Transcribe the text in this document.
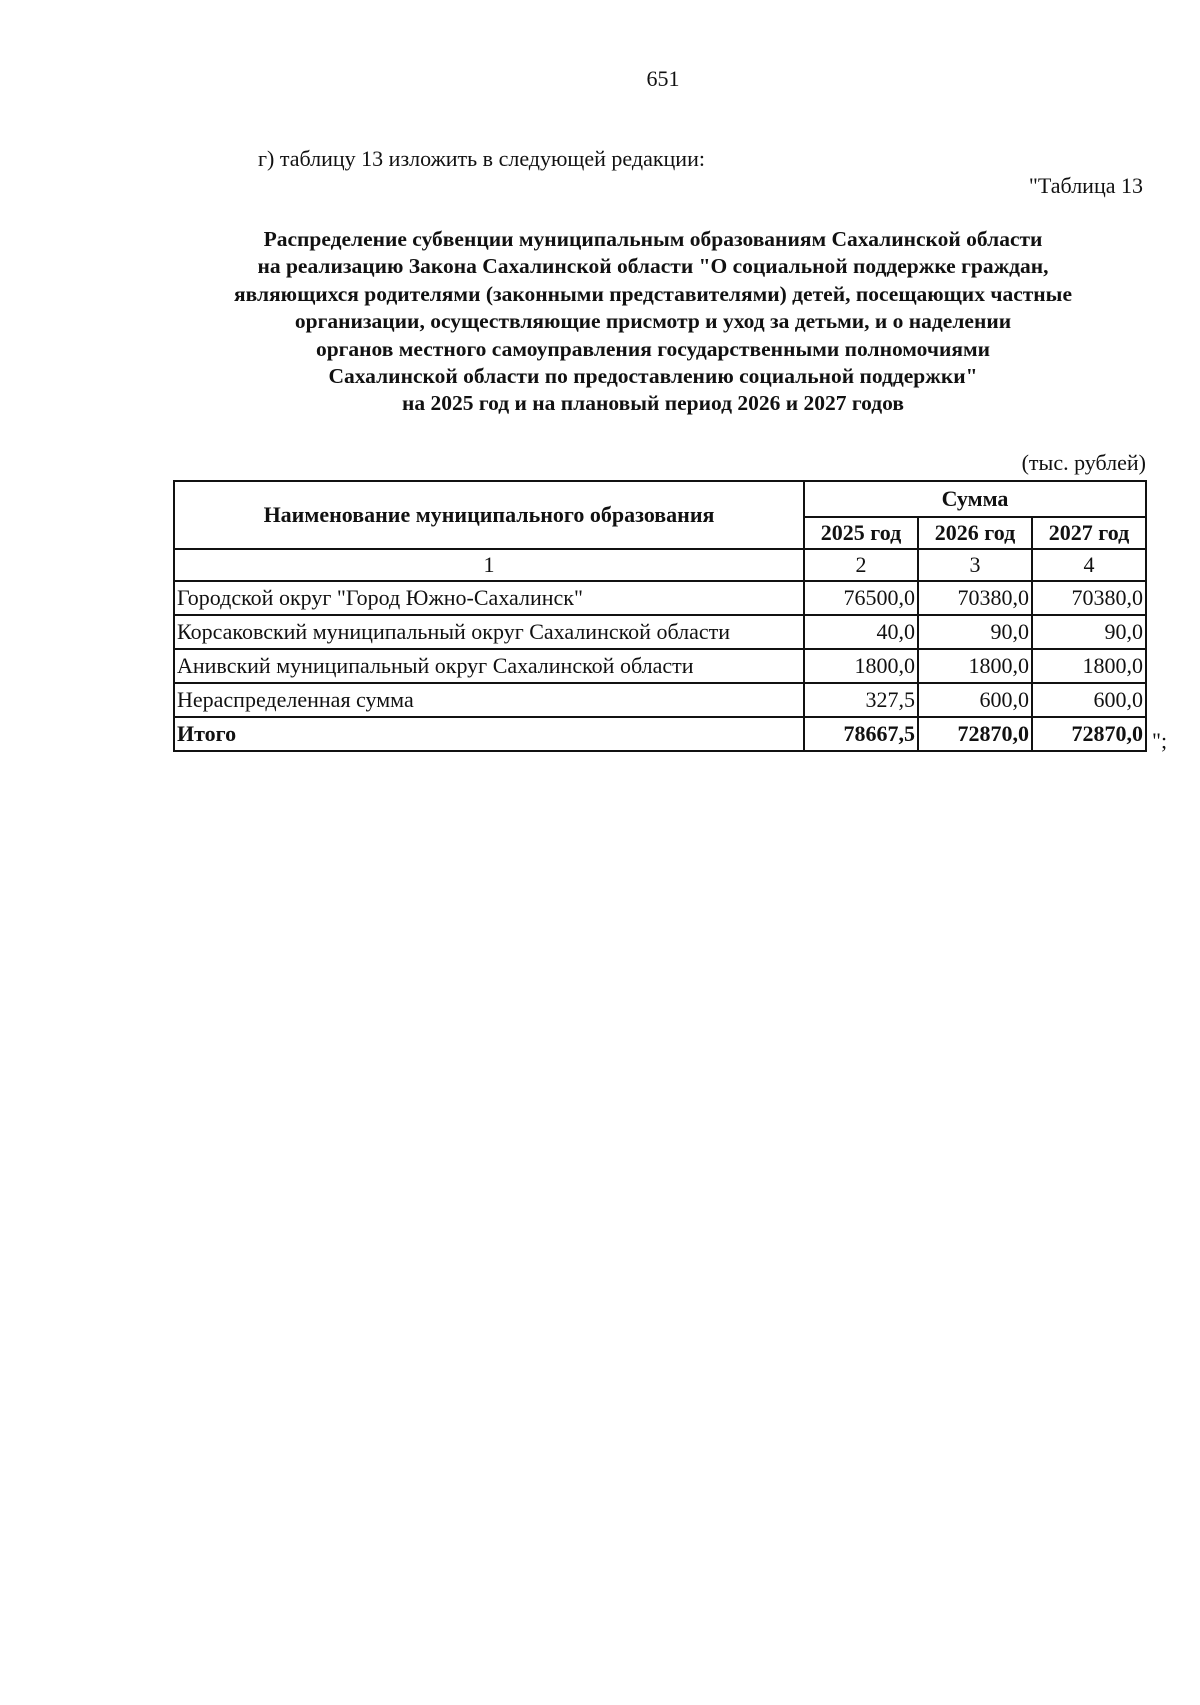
651
г) таблицу 13 изложить в следующей редакции:
"Таблица 13
Распределение субвенции муниципальным образованиям Сахалинской области
на реализацию Закона Сахалинской области "О социальной поддержке граждан,
являющихся родителями (законными представителями) детей, посещающих частные
организации, осуществляющие присмотр и уход за детьми, и о наделении
органов местного самоуправления государственными полномочиями
Сахалинской области по предоставлению социальной поддержки"
на 2025 год и на плановый период 2026 и 2027 годов
(тыс. рублей)
Наименование муниципального образования	Сумма		
	2025 год	2026 год	2027 год
1	2	3	4
Городской округ "Город Южно-Сахалинск"	76500,0	70380,0	70380,0
Корсаковский муниципальный округ Сахалинской области	40,0	90,0	90,0
Анивский муниципальный округ Сахалинской области	1800,0	1800,0	1800,0
Нераспределенная сумма	327,5	600,0	600,0
Итого	78667,5	72870,0	72870,0 ";
